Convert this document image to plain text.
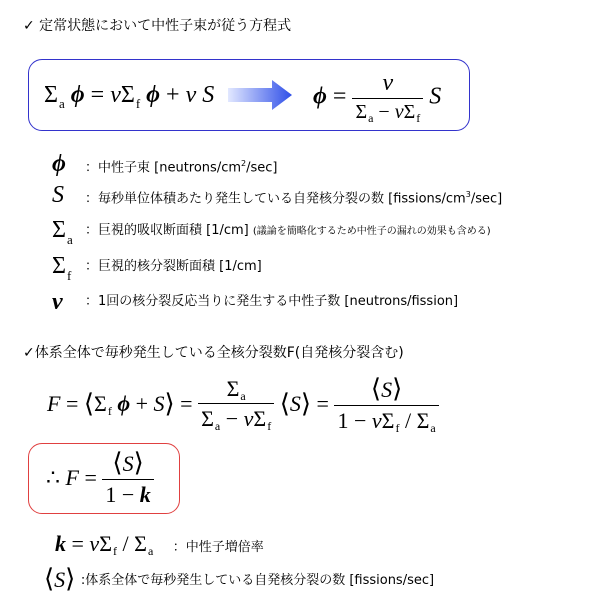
✓ 定常状態において中性子束が従う方程式
$\Sigma_a$ $\phi = \nu\Sigma_f$ ϕ + ν S	$\phi = \frac{\nu}{\Sigma_a - \nu\Sigma_f}$ S
ϕ ：中性子束 $[neutrons/cm^2/\sec]$
S ：毎秒単位体積あたり発生している自発核分裂の数 $[fissions/cm^3/\sec]$
$\Sigma_a$
：巨視的吸収断面積 [1/cm] (議論を簡略化するため中性子の漏れの効果も含める)
$\Sigma_f$
：巨視的核分裂断面積 [1/cm]
ν ：1回の核分裂反応当りに発生する中性子数 [neutrons/fission]
✓体系全体で毎秒発生している全核分裂数F(自発核分裂含む)
F = ⟨Σf ϕ + S⟩ = $\frac{\Sigma a}{\text{Σa − νΣf}}$ ⟨S⟩ = $\frac{⟨S⟩}{\text{1 − νΣf / Σa}}$
∴ $F = \frac{⟨S⟩}{1 - k}$
k = νΣf / Σa ：中性子増倍率
⟨S⟩ :体系全体で毎秒発生している自発核分裂の数 [fissions/sec]
